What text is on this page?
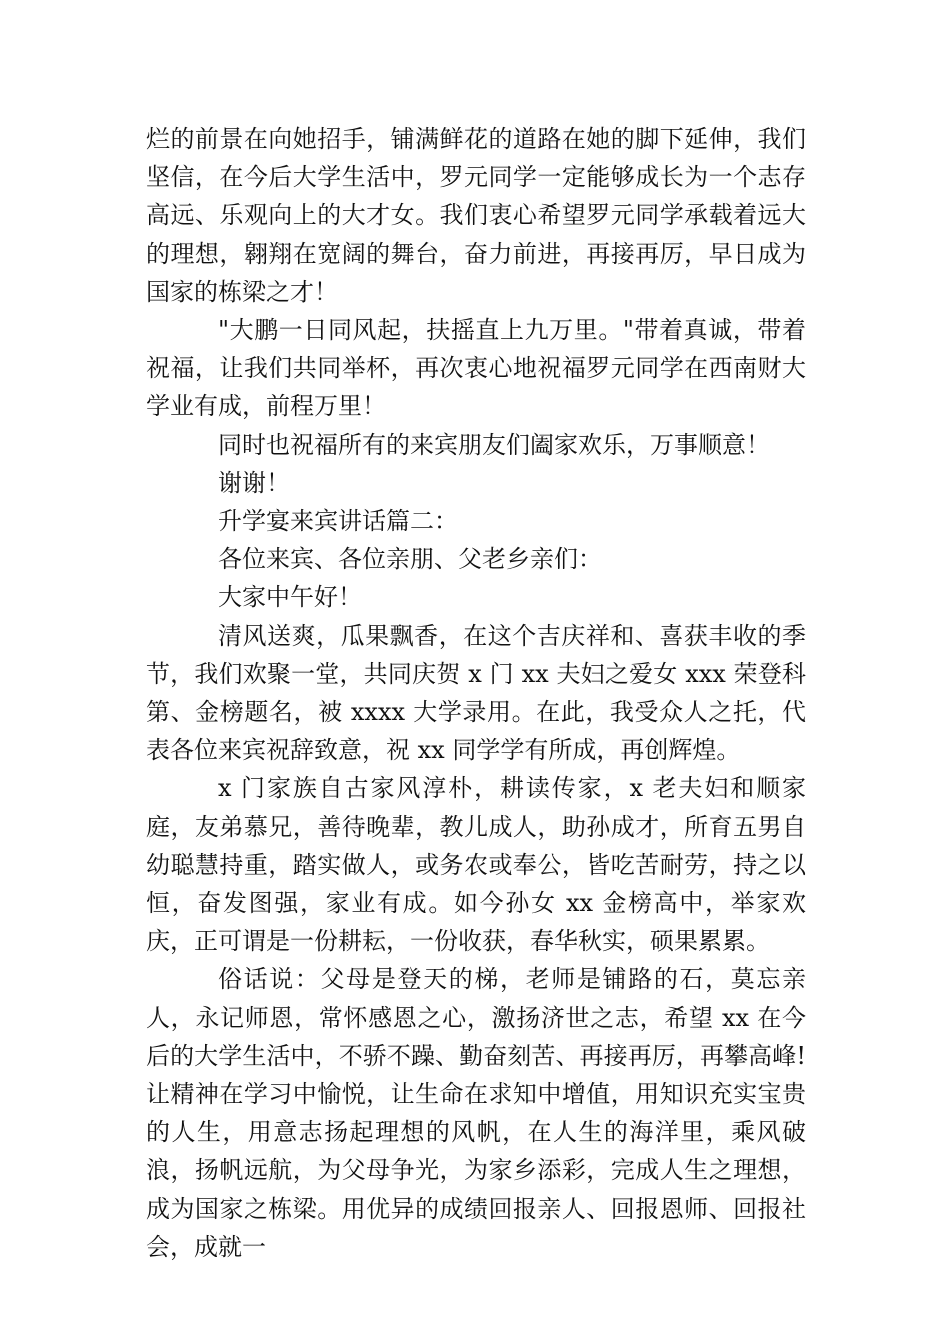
烂的前景在向她招手，铺满鲜花的道路在她的脚下延伸，我们坚信，在今后大学生活中，罗元同学一定能够成长为一个志存高远、乐观向上的大才女。我们衷心希望罗元同学承载着远大的理想，翱翔在宽阔的舞台，奋力前进，再接再厉，早日成为国家的栋梁之才！

"大鹏一日同风起，扶摇直上九万里。"带着真诚，带着祝福，让我们共同举杯，再次衷心地祝福罗元同学在西南财大学业有成，前程万里！

同时也祝福所有的来宾朋友们阖家欢乐，万事顺意！

谢谢！

升学宴来宾讲话篇二：

各位来宾、各位亲朋、父老乡亲们：

大家中午好！

清风送爽，瓜果飘香，在这个吉庆祥和、喜获丰收的季节，我们欢聚一堂，共同庆贺 x 门 xx 夫妇之爱女 xxx 荣登科第、金榜题名，被 xxxx 大学录用。在此，我受众人之托，代表各位来宾祝辞致意，祝 xx 同学学有所成，再创辉煌。

x 门家族自古家风淳朴，耕读传家，x 老夫妇和顺家庭，友弟慕兄，善待晚辈，教儿成人，助孙成才，所育五男自幼聪慧持重，踏实做人，或务农或奉公，皆吃苦耐劳，持之以恒，奋发图强，家业有成。如今孙女 xx 金榜高中，举家欢庆，正可谓是一份耕耘，一份收获，春华秋实，硕果累累。

俗话说：父母是登天的梯，老师是铺路的石，莫忘亲人，永记师恩，常怀感恩之心，激扬济世之志，希望 xx 在今后的大学生活中，不骄不躁、勤奋刻苦、再接再厉，再攀高峰!让精神在学习中愉悦，让生命在求知中增值，用知识充实宝贵的人生，用意志扬起理想的风帆，在人生的海洋里，乘风破浪，扬帆远航，为父母争光，为家乡添彩，完成人生之理想，成为国家之栋梁。用优异的成绩回报亲人、回报恩师、回报社会，成就一
